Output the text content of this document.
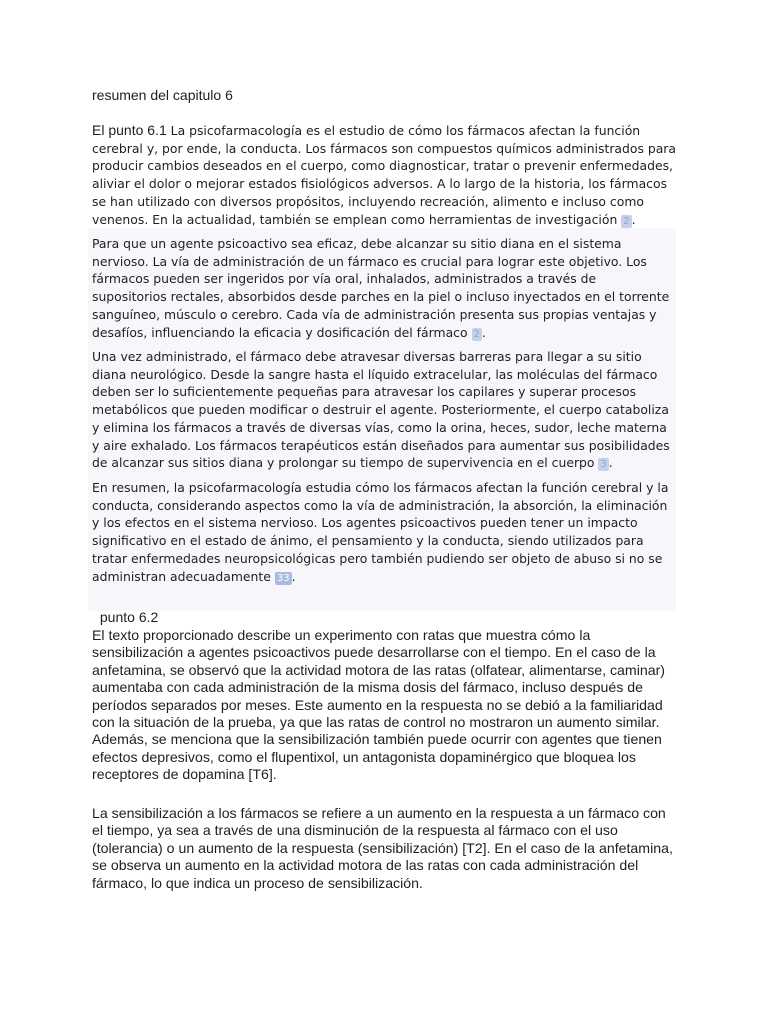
resumen del capitulo 6

El punto 6.1 La psicofarmacología es el estudio de cómo los fármacos afectan la función cerebral y, por ende, la conducta. Los fármacos son compuestos químicos administrados para producir cambios deseados en el cuerpo, como diagnosticar, tratar o prevenir enfermedades, aliviar el dolor o mejorar estados fisiológicos adversos. A lo largo de la historia, los fármacos se han utilizado con diversos propósitos, incluyendo recreación, alimento e incluso como venenos. En la actualidad, también se emplean como herramientas de investigación 2 .

Para que un agente psicoactivo sea eficaz, debe alcanzar su sitio diana en el sistema nervioso. La vía de administración de un fármaco es crucial para lograr este objetivo. Los fármacos pueden ser ingeridos por vía oral, inhalados, administrados a través de supositorios rectales, absorbidos desde parches en la piel o incluso inyectados en el torrente sanguíneo, músculo o cerebro. Cada vía de administración presenta sus propias ventajas y desafíos, influenciando la eficacia y dosificación del fármaco 2 .

Una vez administrado, el fármaco debe atravesar diversas barreras para llegar a su sitio diana neurológico. Desde la sangre hasta el líquido extracelular, las moléculas del fármaco deben ser lo suficientemente pequeñas para atravesar los capilares y superar procesos metabólicos que pueden modificar o destruir el agente. Posteriormente, el cuerpo cataboliza y elimina los fármacos a través de diversas vías, como la orina, heces, sudor, leche materna y aire exhalado. Los fármacos terapéuticos están diseñados para aumentar sus posibilidades de alcanzar sus sitios diana y prolongar su tiempo de supervivencia en el cuerpo 3 .

En resumen, la psicofarmacología estudia cómo los fármacos afectan la función cerebral y la conducta, considerando aspectos como la vía de administración, la absorción, la eliminación y los efectos en el sistema nervioso. Los agentes psicoactivos pueden tener un impacto significativo en el estado de ánimo, el pensamiento y la conducta, siendo utilizados para tratar enfermedades neuropsicológicas pero también pudiendo ser objeto de abuso si no se administran adecuadamente 33 .

punto 6.2

El texto proporcionado describe un experimento con ratas que muestra cómo la sensibilización a agentes psicoactivos puede desarrollarse con el tiempo. En el caso de la anfetamina, se observó que la actividad motora de las ratas (olfatear, alimentarse, caminar) aumentaba con cada administración de la misma dosis del fármaco, incluso después de períodos separados por meses. Este aumento en la respuesta no se debió a la familiaridad con la situación de la prueba, ya que las ratas de control no mostraron un aumento similar. Además, se menciona que la sensibilización también puede ocurrir con agentes que tienen efectos depresivos, como el flupentixol, un antagonista dopaminérgico que bloquea los receptores de dopamina [T6].

La sensibilización a los fármacos se refiere a un aumento en la respuesta a un fármaco con el tiempo, ya sea a través de una disminución de la respuesta al fármaco con el uso (tolerancia) o un aumento de la respuesta (sensibilización) [T2]. En el caso de la anfetamina, se observa un aumento en la actividad motora de las ratas con cada administración del fármaco, lo que indica un proceso de sensibilización.
